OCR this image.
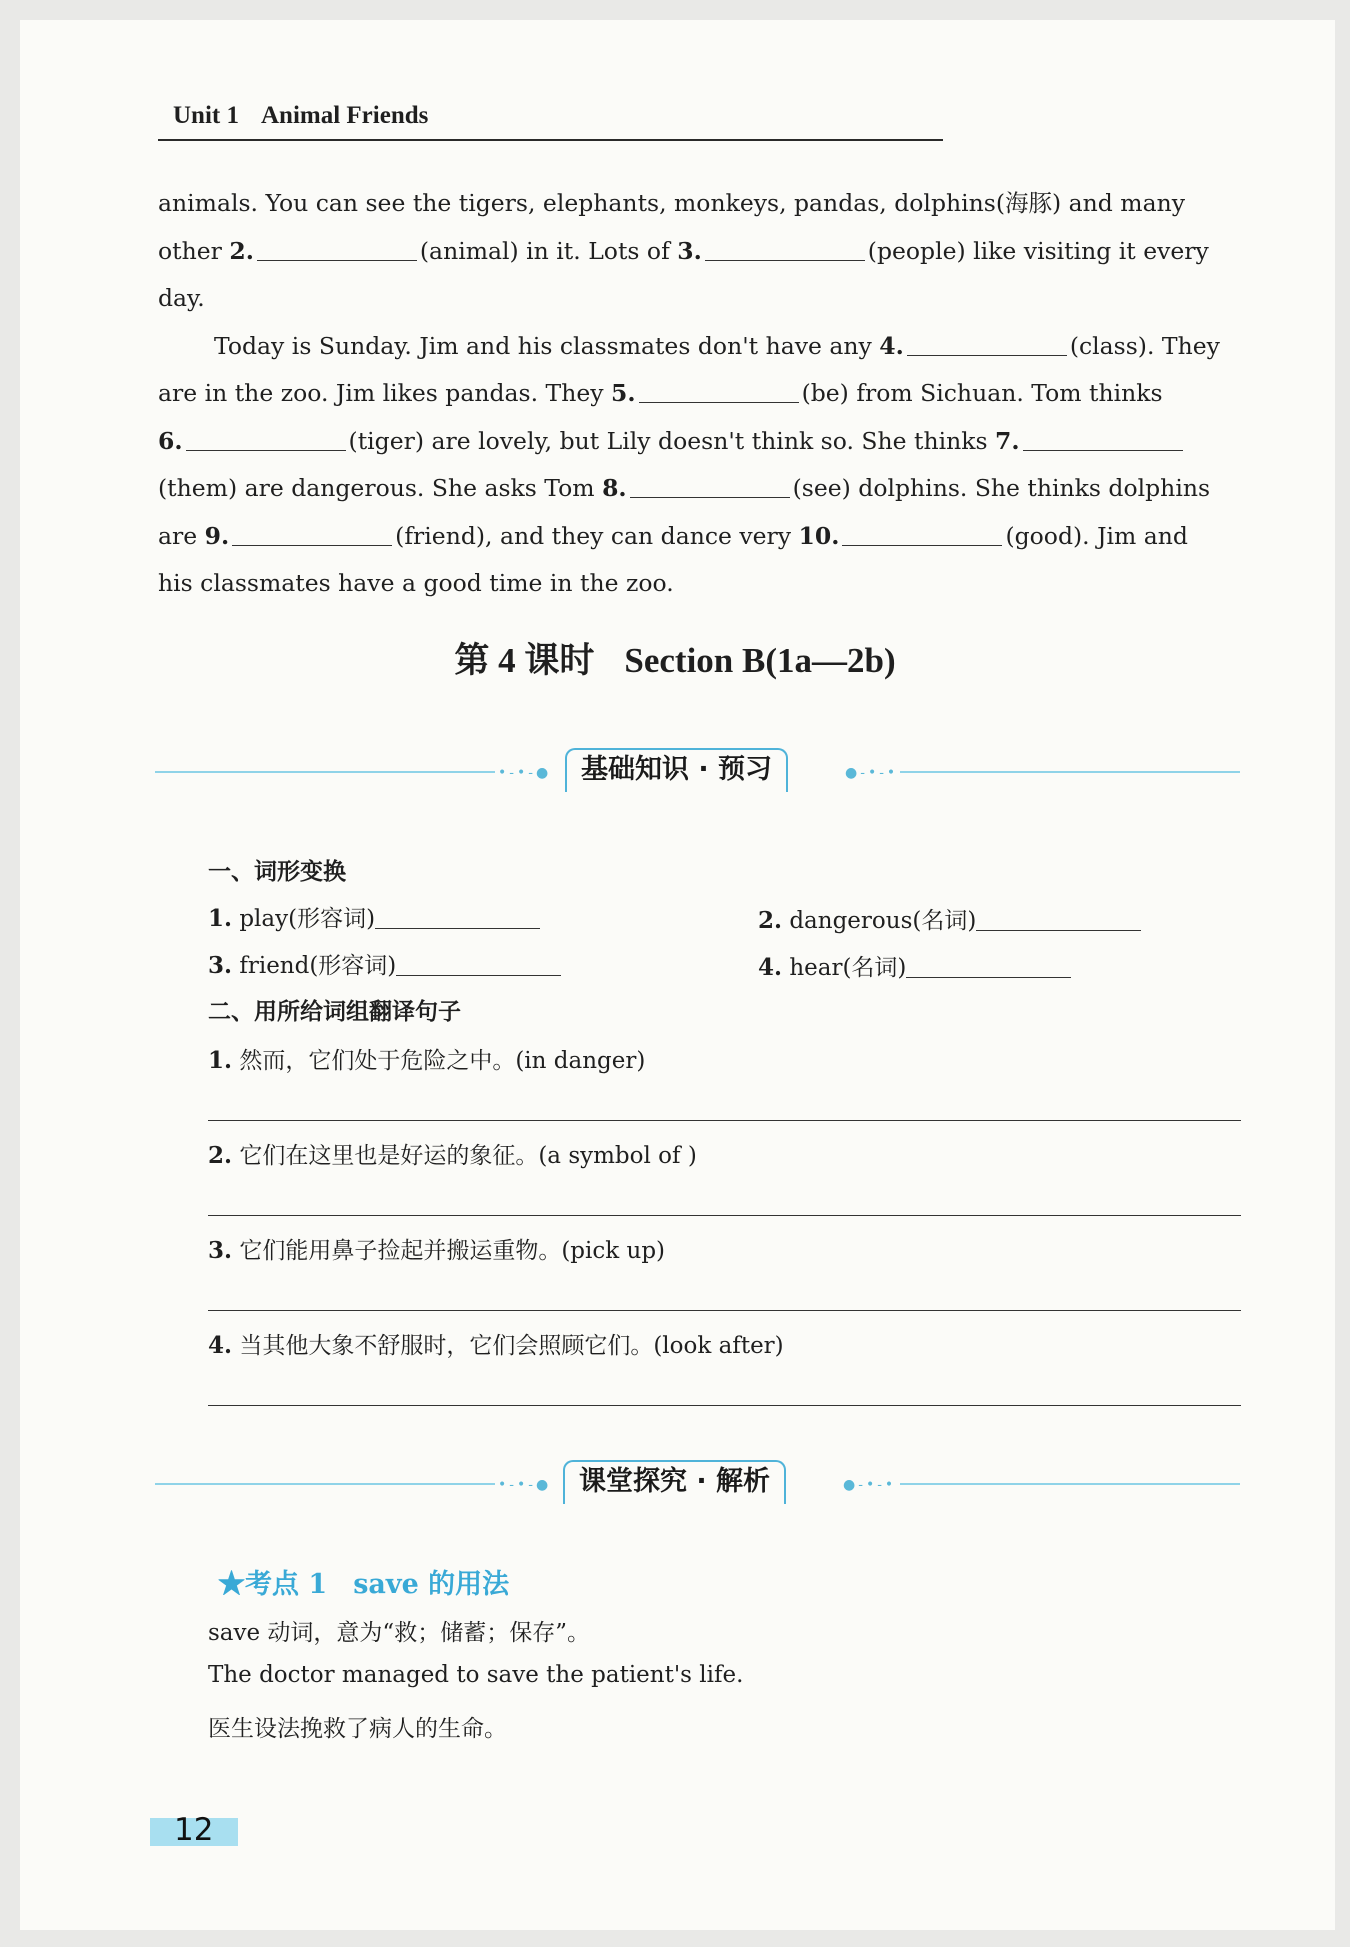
Unit 1 Animal Friends

animals. You can see the tigers, elephants, monkeys, pandas, dolphins(海豚) and many

other 2.	(animal) in it. Lots of 3.	(people) like visiting it every

day.

Today is Sunday. Jim and his classmates don't have any 4.	(class). They

are in the zoo. Jim likes pandas. They 5.	(be) from Sichuan. Tom thinks

6.	(tiger) are lovely, but Lily doesn't think so. She thinks 7.

(them) are dangerous. She asks Tom 8.	(see) dolphins. She thinks dolphins

are 9.	(friend), and they can dance very 10.	(good). Jim and

his classmates have a good time in the zoo.

第 4 课时 Section B(1a—2b)
•-•-●	基础知识 · 预习	●-•-•
一、词形变换
1. play(形容词)	2. dangerous(名词)
3. friend(形容词)	4. hear(名词)
二、用所给词组翻译句子
1. 然而，它们处于危险之中。(in danger)
2. 它们在这里也是好运的象征。(a symbol of )
3. 它们能用鼻子捡起并搬运重物。(pick up)
4. 当其他大象不舒服时，它们会照顾它们。(look after)
•-•-●	课堂探究 · 解析	●-•-•
★考点 1 save 的用法
save 动词，意为“救；储蓄；保存”。
The doctor managed to save the patient's life.
医生设法挽救了病人的生命。
12
